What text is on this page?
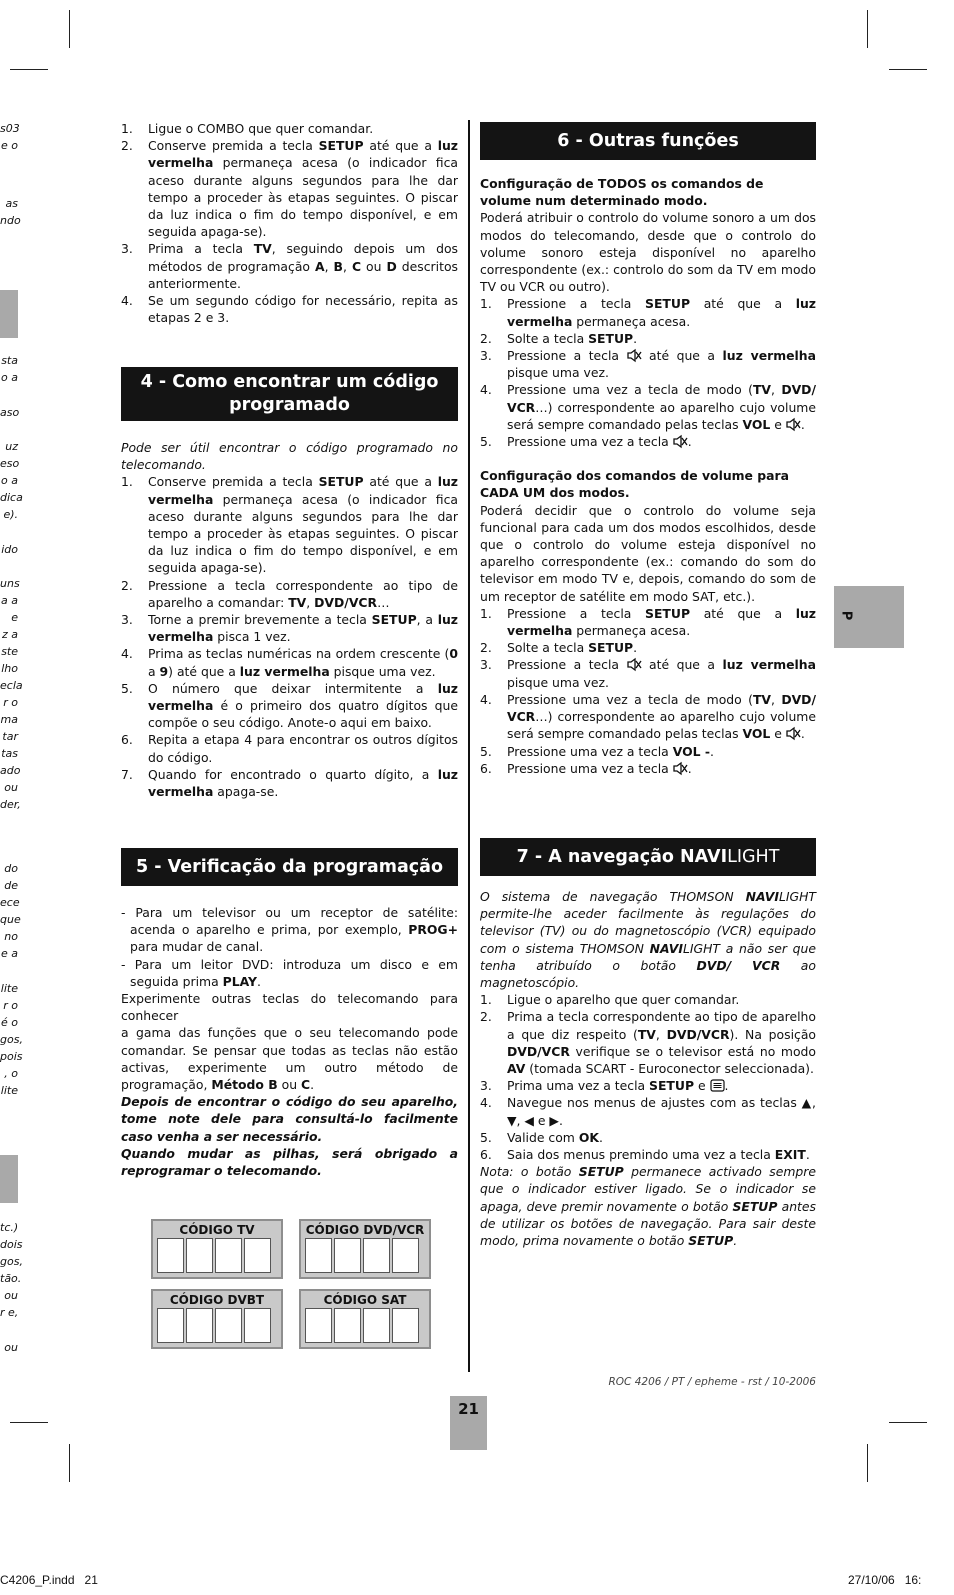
s03
e o
as
ndo
sta
o a
aso
uz
eso
o a
dica
e).
ido
uns
a a
e
z a
ste
lho
ecla
r o
ma
tar
tas
ado
ou
der,
do
de
ece
que
no
e a
lite
r o
é o
gos,
pois
, o
lite
tc.)
dois
gos,
tão.
ou
r e,
ou
1. Ligue o COMBO que quer comandar.
2. Conserve premida a tecla SETUP até que a luz vermelha permaneça acesa (o indicador fica aceso durante alguns segundos para lhe dar tempo a proceder às etapas seguintes. O piscar da luz indica o fim do tempo disponível, e em seguida apaga-se).
3. Prima a tecla TV, seguindo depois um dos métodos de programação A, B, C ou D descritos anteriormente.
4. Se um segundo código for necessário, repita as etapas 2 e 3.
4 - Como encontrar um código
programado

Pode ser útil encontrar o código programado no telecomando.

1. Conserve premida a tecla SETUP até que a luz vermelha permaneça acesa (o indicador fica aceso durante alguns segundos para lhe dar tempo a proceder às etapas seguintes. O piscar da luz indica o fim do tempo disponível, e em seguida apaga-se).
2. Pressione a tecla correspondente ao tipo de aparelho a comandar: TV, DVD/VCR…
3. Torne a premir brevemente a tecla SETUP, a luz vermelha pisca 1 vez.
4. Prima as teclas numéricas na ordem crescente (0 a 9) até que a luz vermelha pisque uma vez.
5. O número que deixar intermitente a luz vermelha é o primeiro dos quatro dígitos que compõe o seu código. Anote-o aqui em baixo.
6. Repita a etapa 4 para encontrar os outros dígitos do código.
7. Quando for encontrado o quarto dígito, a luz vermelha apaga-se.
5 - Verificação da programação

- Para um televisor ou um receptor de satélite: acenda o aparelho e prima, por exemplo, PROG+ para mudar de canal.

- Para um leitor DVD: introduza um disco e em seguida prima PLAY.

Experimente outras teclas do telecomando para conhecer

a gama das funções que o seu telecomando pode comandar. Se pensar que todas as teclas não estão activas, experimente um outro método de programação, Método B ou C.

Depois de encontrar o código do seu aparelho, tome note dele para consultá-lo facilmente caso venha a ser necessário.

Quando mudar as pilhas, será obrigado a reprogramar o telecomando.

CÓDIGO TV	CÓDIGO DVD/VCR
CÓDIGO DVBT	CÓDIGO SAT
6 - Outras funções

Configuração de TODOS os comandos de volume num determinado modo.

Poderá atribuir o controlo do volume sonoro a um dos modos do telecomando, desde que o controlo do volume sonoro esteja disponível no aparelho correspondente (ex.: controlo do som da TV em modo TV ou VCR ou outro).

1. Pressione a tecla SETUP até que a luz vermelha permaneça acesa.
2. Solte a tecla SETUP.
3. Pressione a tecla  até que a luz vermelha pisque uma vez.
4. Pressione uma vez a tecla de modo (TV, DVD/ VCR…) correspondente ao aparelho cujo volume será sempre comandado pelas teclas VOL e .
5. Pressione uma vez a tecla .

Configuração dos comandos de volume para CADA UM dos modos.

Poderá decidir que o controlo do volume seja funcional para cada um dos modos escolhidos, desde que o controlo do volume esteja disponível no aparelho correspondente (ex.: comando do som do televisor em modo TV e, depois, comando do som de um receptor de satélite em modo SAT, etc.).

1. Pressione a tecla SETUP até que a luz vermelha permaneça acesa.
2. Solte a tecla SETUP.
3. Pressione a tecla  até que a luz vermelha pisque uma vez.
4. Pressione uma vez a tecla de modo (TV, DVD/ VCR…) correspondente ao aparelho cujo volume será sempre comandado pelas teclas VOL e .
5. Pressione uma vez a tecla VOL -.
6. Pressione uma vez a tecla .
7 - A navegação NAVILIGHT

O sistema de navegação THOMSON NAVILIGHT permite-lhe aceder facilmente às regulações do televisor (TV) ou do magnetoscópio (VCR) equipado com o sistema THOMSON NAVILIGHT a não ser que tenha atribuído o botão DVD/ VCR ao magnetoscópio.

1. Ligue o aparelho que quer comandar.
2. Prima a tecla correspondente ao tipo de aparelho a que diz respeito (TV, DVD/VCR). Na posição DVD/VCR verifique se o televisor está no modo AV (tomada SCART - Euroconector seleccionada).
3. Prima uma vez a tecla SETUP e .
4. Navegue nos menus de ajustes com as teclas ▲, ▼, ◀ e ▶.
5. Valide com OK.
6. Saia dos menus premindo uma vez a tecla EXIT.

Nota: o botão SETUP permanece activado sempre que o indicador estiver ligado. Se o indicador se apaga, deve premir novamente o botão SETUP antes de utilizar os botões de navegação. Para sair deste modo, prima novamente o botão SETUP.

P
ROC 4206 / PT / epheme - rst / 10-2006
21
C4206_P.indd   21	27/10/06   16:
